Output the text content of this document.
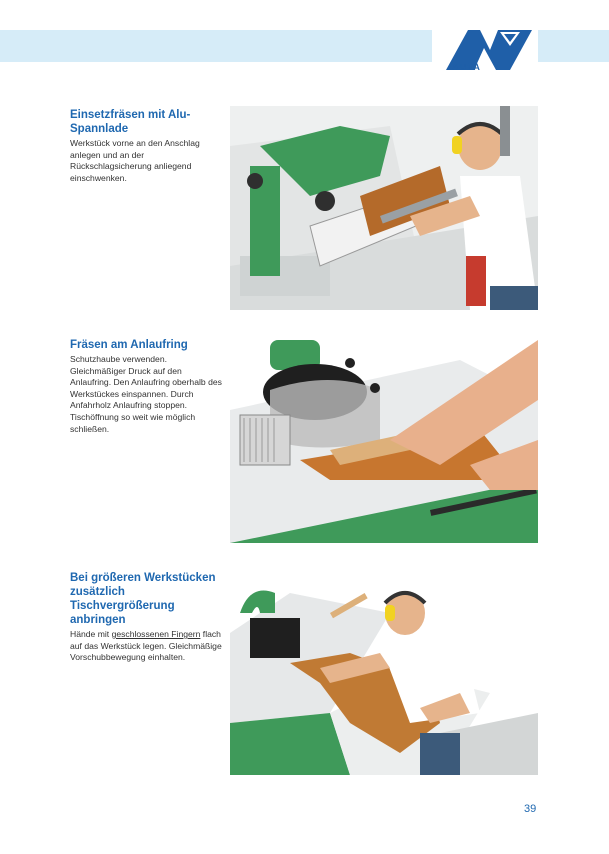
AUVA
Einsetzfräsen mit Alu-Spannlade
Werkstück vorne an den Anschlag anlegen und an der Rückschlagsicherung anliegend einschwenken.
Fräsen am Anlaufring
Schutzhaube verwenden. Gleichmäßiger Druck auf den Anlaufring. Den Anlaufring oberhalb des Werkstückes einspannen. Durch Anfahrholz Anlaufring stoppen. Tischöffnung so weit wie möglich schließen.
Bei größeren Werkstücken zusätzlich Tischvergrößerung anbringen
Hände mit geschlossenen Fingern flach auf das Werkstück legen. Gleichmäßige Vorschubbewegung einhalten.
39
